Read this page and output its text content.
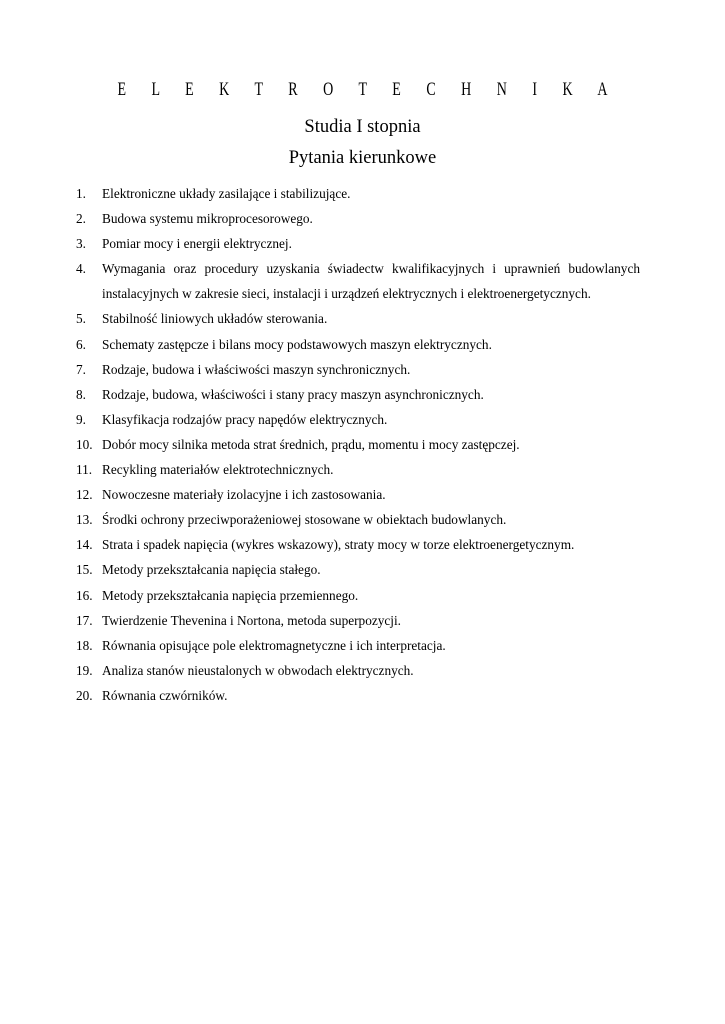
E L E K T R O T E C H N I K A
Studia I stopnia
Pytania kierunkowe
1.	Elektroniczne układy zasilające i stabilizujące.
2.	Budowa systemu mikroprocesorowego.
3.	Pomiar mocy i energii elektrycznej.
4.	Wymagania oraz procedury uzyskania świadectw kwalifikacyjnych i uprawnień budowlanych instalacyjnych w zakresie sieci, instalacji i urządzeń elektrycznych i elektroenergetycznych.
5.	Stabilność liniowych układów sterowania.
6.	Schematy zastępcze i bilans mocy podstawowych maszyn elektrycznych.
7.	Rodzaje, budowa i właściwości maszyn synchronicznych.
8.	Rodzaje, budowa, właściwości i stany pracy maszyn asynchronicznych.
9.	Klasyfikacja rodzajów pracy napędów elektrycznych.
10. Dobór mocy silnika metoda strat średnich, prądu, momentu i mocy zastępczej.
11. Recykling materiałów elektrotechnicznych.
12. Nowoczesne materiały izolacyjne i ich zastosowania.
13. Środki ochrony przeciwporażeniowej stosowane w obiektach budowlanych.
14. Strata i spadek napięcia (wykres wskazowy), straty mocy w torze elektroenergetycznym.
15. Metody przekształcania napięcia stałego.
16. Metody przekształcania napięcia przemiennego.
17. Twierdzenie Thevenina i Nortona, metoda superpozycji.
18. Równania opisujące pole elektromagnetyczne i ich interpretacja.
19. Analiza stanów nieustalonych w obwodach elektrycznych.
20. Równania czwórników.
